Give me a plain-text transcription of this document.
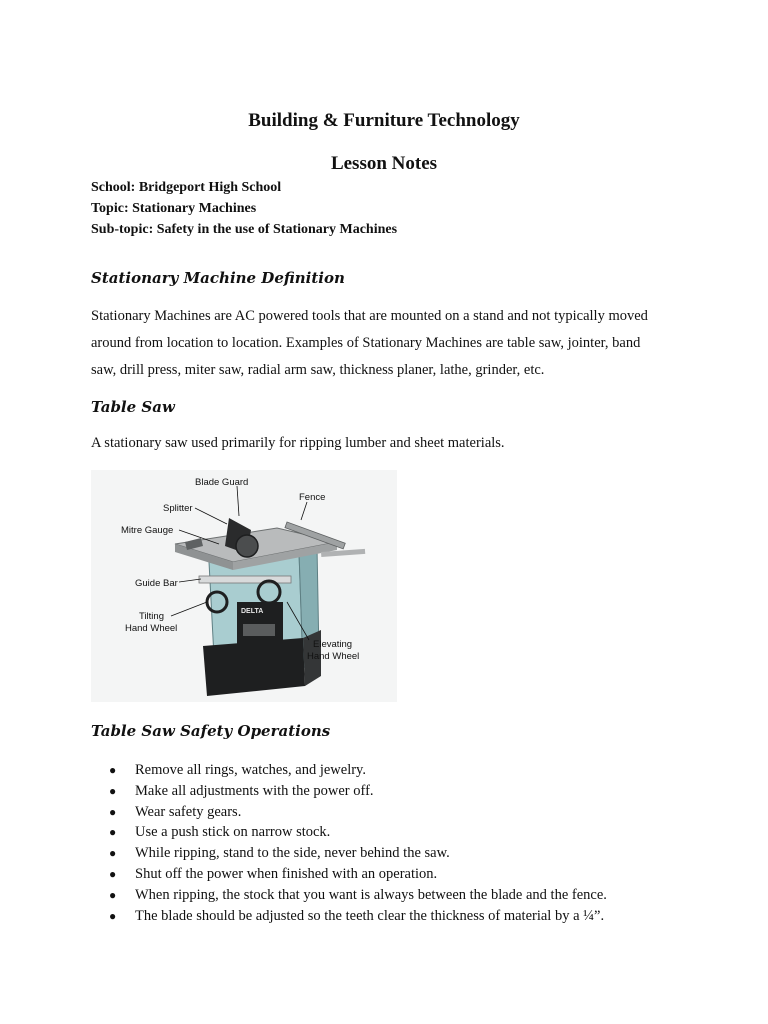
Building & Furniture Technology
Lesson Notes

School: Bridgeport High School

Topic: Stationary Machines

Sub-topic: Safety in the use of Stationary Machines

Stationary Machine Definition
Stationary Machines are AC powered tools that are mounted on a stand and not typically moved
around from location to location. Examples of Stationary Machines are table saw, jointer, band
saw, drill press, miter saw, radial arm saw, thickness planer, lathe, grinder, etc.
Table Saw

A stationary saw used primarily for ripping lumber and sheet materials.

DELTA
Blade Guard
Fence
Splitter
Mitre Gauge
Guide Bar
Tilting
Hand Wheel
Elevating
Hand Wheel
Table Saw Safety Operations
● Remove all rings, watches, and jewelry.
● Make all adjustments with the power off.
● Wear safety gears.
● Use a push stick on narrow stock.
● While ripping, stand to the side, never behind the saw.
● Shut off the power when finished with an operation.
● When ripping, the stock that you want is always between the blade and the fence.
● The blade should be adjusted so the teeth clear the thickness of material by a ¼”.
